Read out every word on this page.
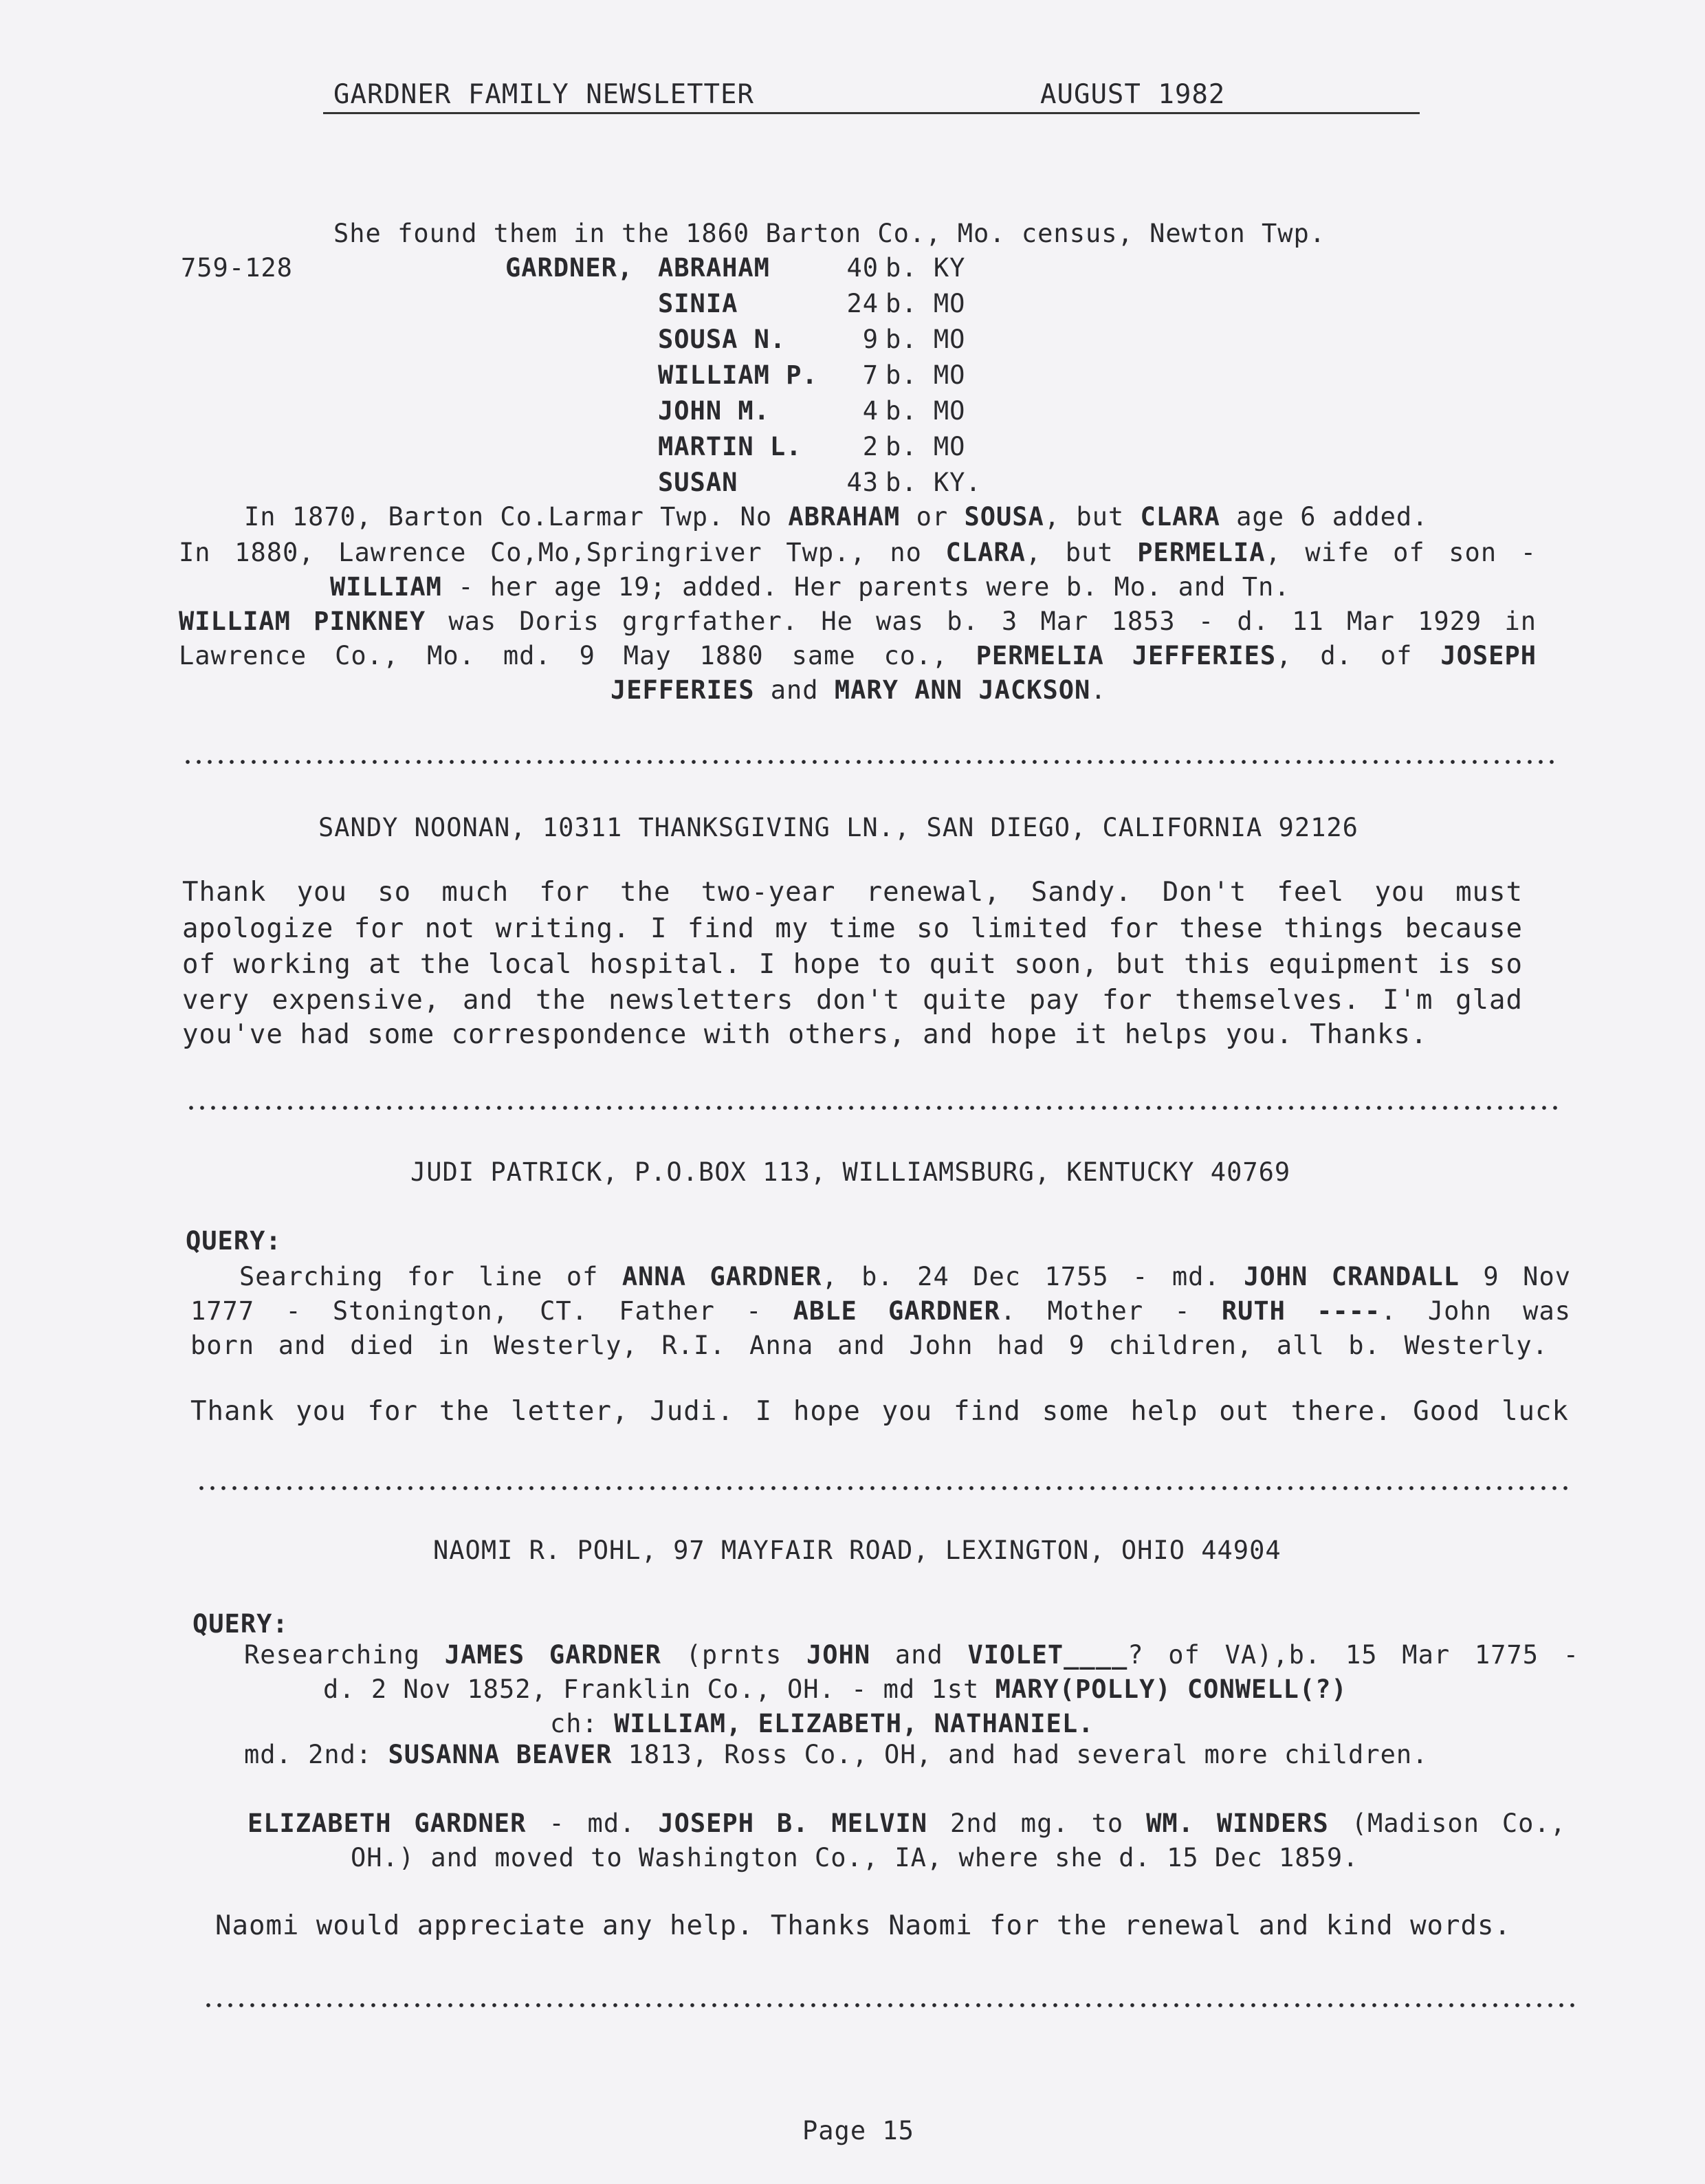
GARDNER FAMILY NEWSLETTER	AUGUST 1982
She found them in the 1860 Barton Co., Mo. census, Newton Twp.
759-128	GARDNER, ABRAHAM	40 b. KY
SINIA	24 b. MO
SOUSA N.	9 b. MO
WILLIAM P.	7 b. MO
JOHN M.	4 b. MO
MARTIN L.	2 b. MO
SUSAN	43 b. KY.
In 1870, Barton Co.Larmar Twp. No ABRAHAM or SOUSA, but CLARA age 6 added.
In 1880, Lawrence Co,Mo,Springriver Twp., no CLARA, but PERMELIA, wife of son -
WILLIAM - her age 19; added. Her parents were b. Mo. and Tn.
WILLIAM PINKNEY was Doris grgrfather. He was b. 3 Mar 1853 - d. 11 Mar 1929 in
Lawrence Co., Mo. md. 9 May 1880 same co., PERMELIA JEFFERIES, d. of JOSEPH
JEFFERIES and MARY ANN JACKSON.
SANDY NOONAN, 10311 THANKSGIVING LN., SAN DIEGO, CALIFORNIA 92126
Thank you so much for the two-year renewal, Sandy. Don't feel you must
apologize for not writing. I find my time so limited for these things because
of working at the local hospital. I hope to quit soon, but this equipment is so
very expensive, and the newsletters don't quite pay for themselves. I'm glad
you've had some correspondence with others, and hope it helps you. Thanks.
JUDI PATRICK, P.O.BOX 113, WILLIAMSBURG, KENTUCKY 40769
QUERY:
Searching for line of ANNA GARDNER, b. 24 Dec 1755 - md. JOHN CRANDALL 9 Nov
1777 - Stonington, CT. Father - ABLE GARDNER. Mother - RUTH ----. John was
born and died in Westerly, R.I. Anna and John had 9 children, all b. Westerly.
Thank you for the letter, Judi. I hope you find some help out there. Good luck
NAOMI R. POHL, 97 MAYFAIR ROAD, LEXINGTON, OHIO 44904
QUERY:
Researching JAMES GARDNER (prnts JOHN and VIOLET____? of VA),b. 15 Mar 1775 -
d. 2 Nov 1852, Franklin Co., OH. - md 1st MARY(POLLY) CONWELL(?)
ch: WILLIAM, ELIZABETH, NATHANIEL.
md. 2nd: SUSANNA BEAVER 1813, Ross Co., OH, and had several more children.
ELIZABETH GARDNER - md. JOSEPH B. MELVIN 2nd mg. to WM. WINDERS (Madison Co.,
OH.) and moved to Washington Co., IA, where she d. 15 Dec 1859.
Naomi would appreciate any help. Thanks Naomi for the renewal and kind words.
Page 15
